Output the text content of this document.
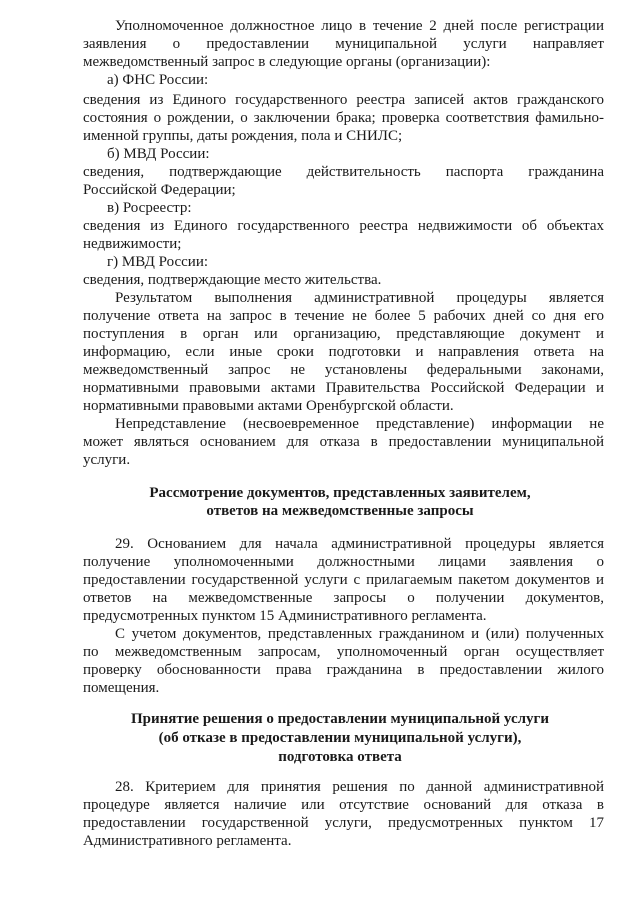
Уполномоченное должностное лицо в течение 2 дней после регистрации
заявления о предоставлении муниципальной услуги направляет
межведомственный запрос в следующие органы (организации):
а) ФНС России:
сведения из Единого государственного реестра записей актов гражданского
состояния о рождении, о заключении брака; проверка соответствия фамильно-
именной группы, даты рождения, пола и СНИЛС;
б) МВД России:
сведения, подтверждающие действительность паспорта гражданина
Российской Федерации;
в) Росреестр:
сведения из Единого государственного реестра недвижимости об объектах
недвижимости;
г) МВД России:
сведения, подтверждающие место жительства.
Результатом выполнения административной процедуры является
получение ответа на запрос в течение не более 5 рабочих дней со дня его
поступления в орган или организацию, представляющие документ и
информацию, если иные сроки подготовки и направления ответа на
межведомственный запрос не установлены федеральными законами,
нормативными правовыми актами Правительства Российской Федерации и
нормативными правовыми актами Оренбургской области.
Непредставление (несвоевременное представление) информации не
может являться основанием для отказа в предоставлении муниципальной
услуги.
Рассмотрение документов, представленных заявителем,
ответов на межведомственные запросы
29. Основанием для начала административной процедуры является
получение уполномоченными должностными лицами заявления о
предоставлении государственной услуги с прилагаемым пакетом документов и
ответов на межведомственные запросы о получении документов,
предусмотренных пунктом 15 Административного регламента.
С учетом документов, представленных гражданином и (или) полученных
по межведомственным запросам, уполномоченный орган осуществляет
проверку обоснованности права гражданина в предоставлении жилого
помещения.
Принятие решения о предоставлении муниципальной услуги
(об отказе в предоставлении муниципальной услуги),
подготовка ответа
28. Критерием для принятия решения по данной административной
процедуре является наличие или отсутствие оснований для отказа в
предоставлении государственной услуги, предусмотренных пунктом 17
Административного регламента.
